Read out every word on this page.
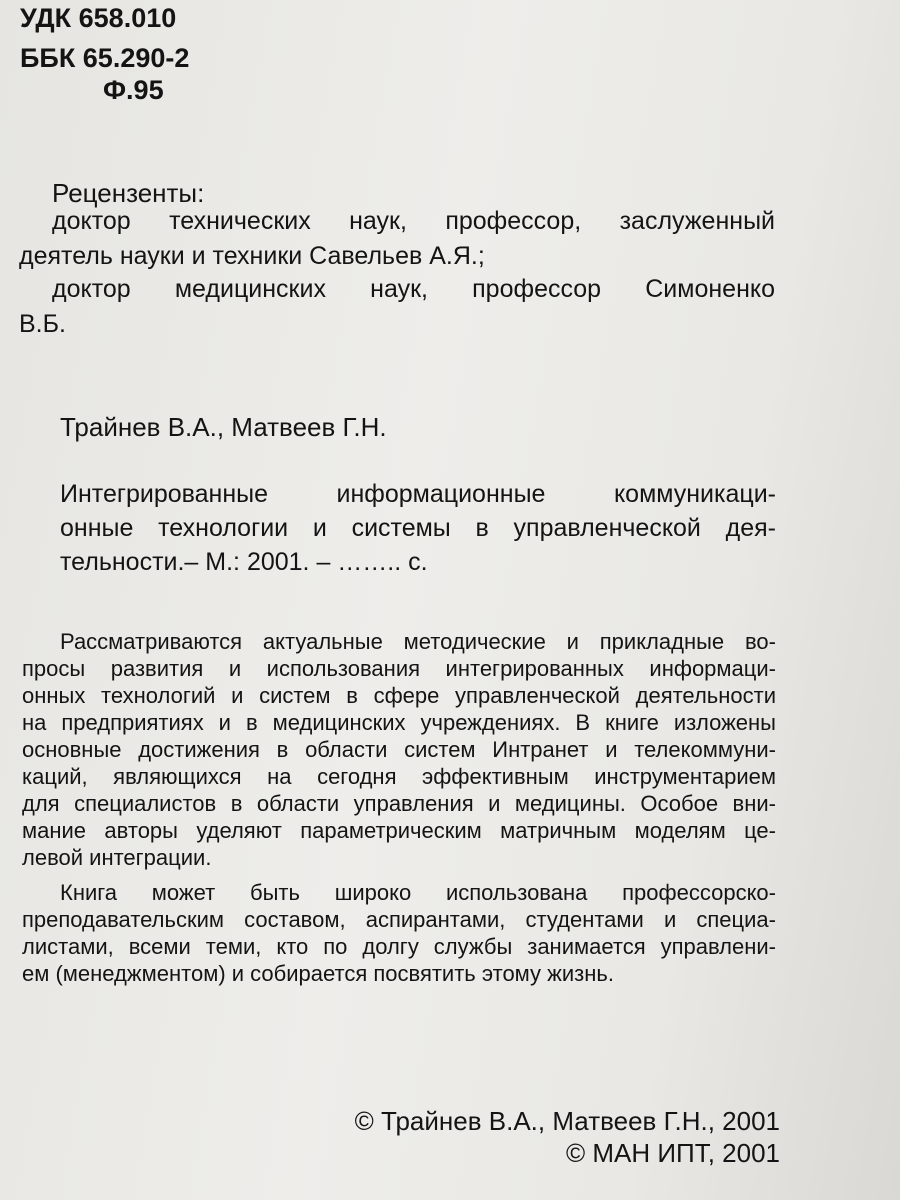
УДК 658.010
ББК 65.290-2
Ф.95
Рецензенты:
доктор технических наук, профессор, заслуженный
деятель науки и техники Савельев А.Я.;
доктор медицинских наук, профессор Симоненко
В.Б.
Трайнев В.А., Матвеев Г.Н.
Интегрированные информационные коммуникаци-
онные технологии и системы в управленческой дея-
тельности.– М.: 2001. – …….. с.
Рассматриваются актуальные методические и прикладные во-
просы развития и использования интегрированных информаци-
онных технологий и систем в сфере управленческой деятельности
на предприятиях и в медицинских учреждениях. В книге изложены
основные достижения в области систем Интранет и телекоммуни-
каций, являющихся на сегодня эффективным инструментарием
для специалистов в области управления и медицины. Особое вни-
мание авторы уделяют параметрическим матричным моделям це-
левой интеграции.
Книга может быть широко использована профессорско-
преподавательским составом, аспирантами, студентами и специа-
листами, всеми теми, кто по долгу службы занимается управлени-
ем (менеджментом) и собирается посвятить этому жизнь.
© Трайнев В.А., Матвеев Г.Н., 2001
© МАН ИПТ, 2001
